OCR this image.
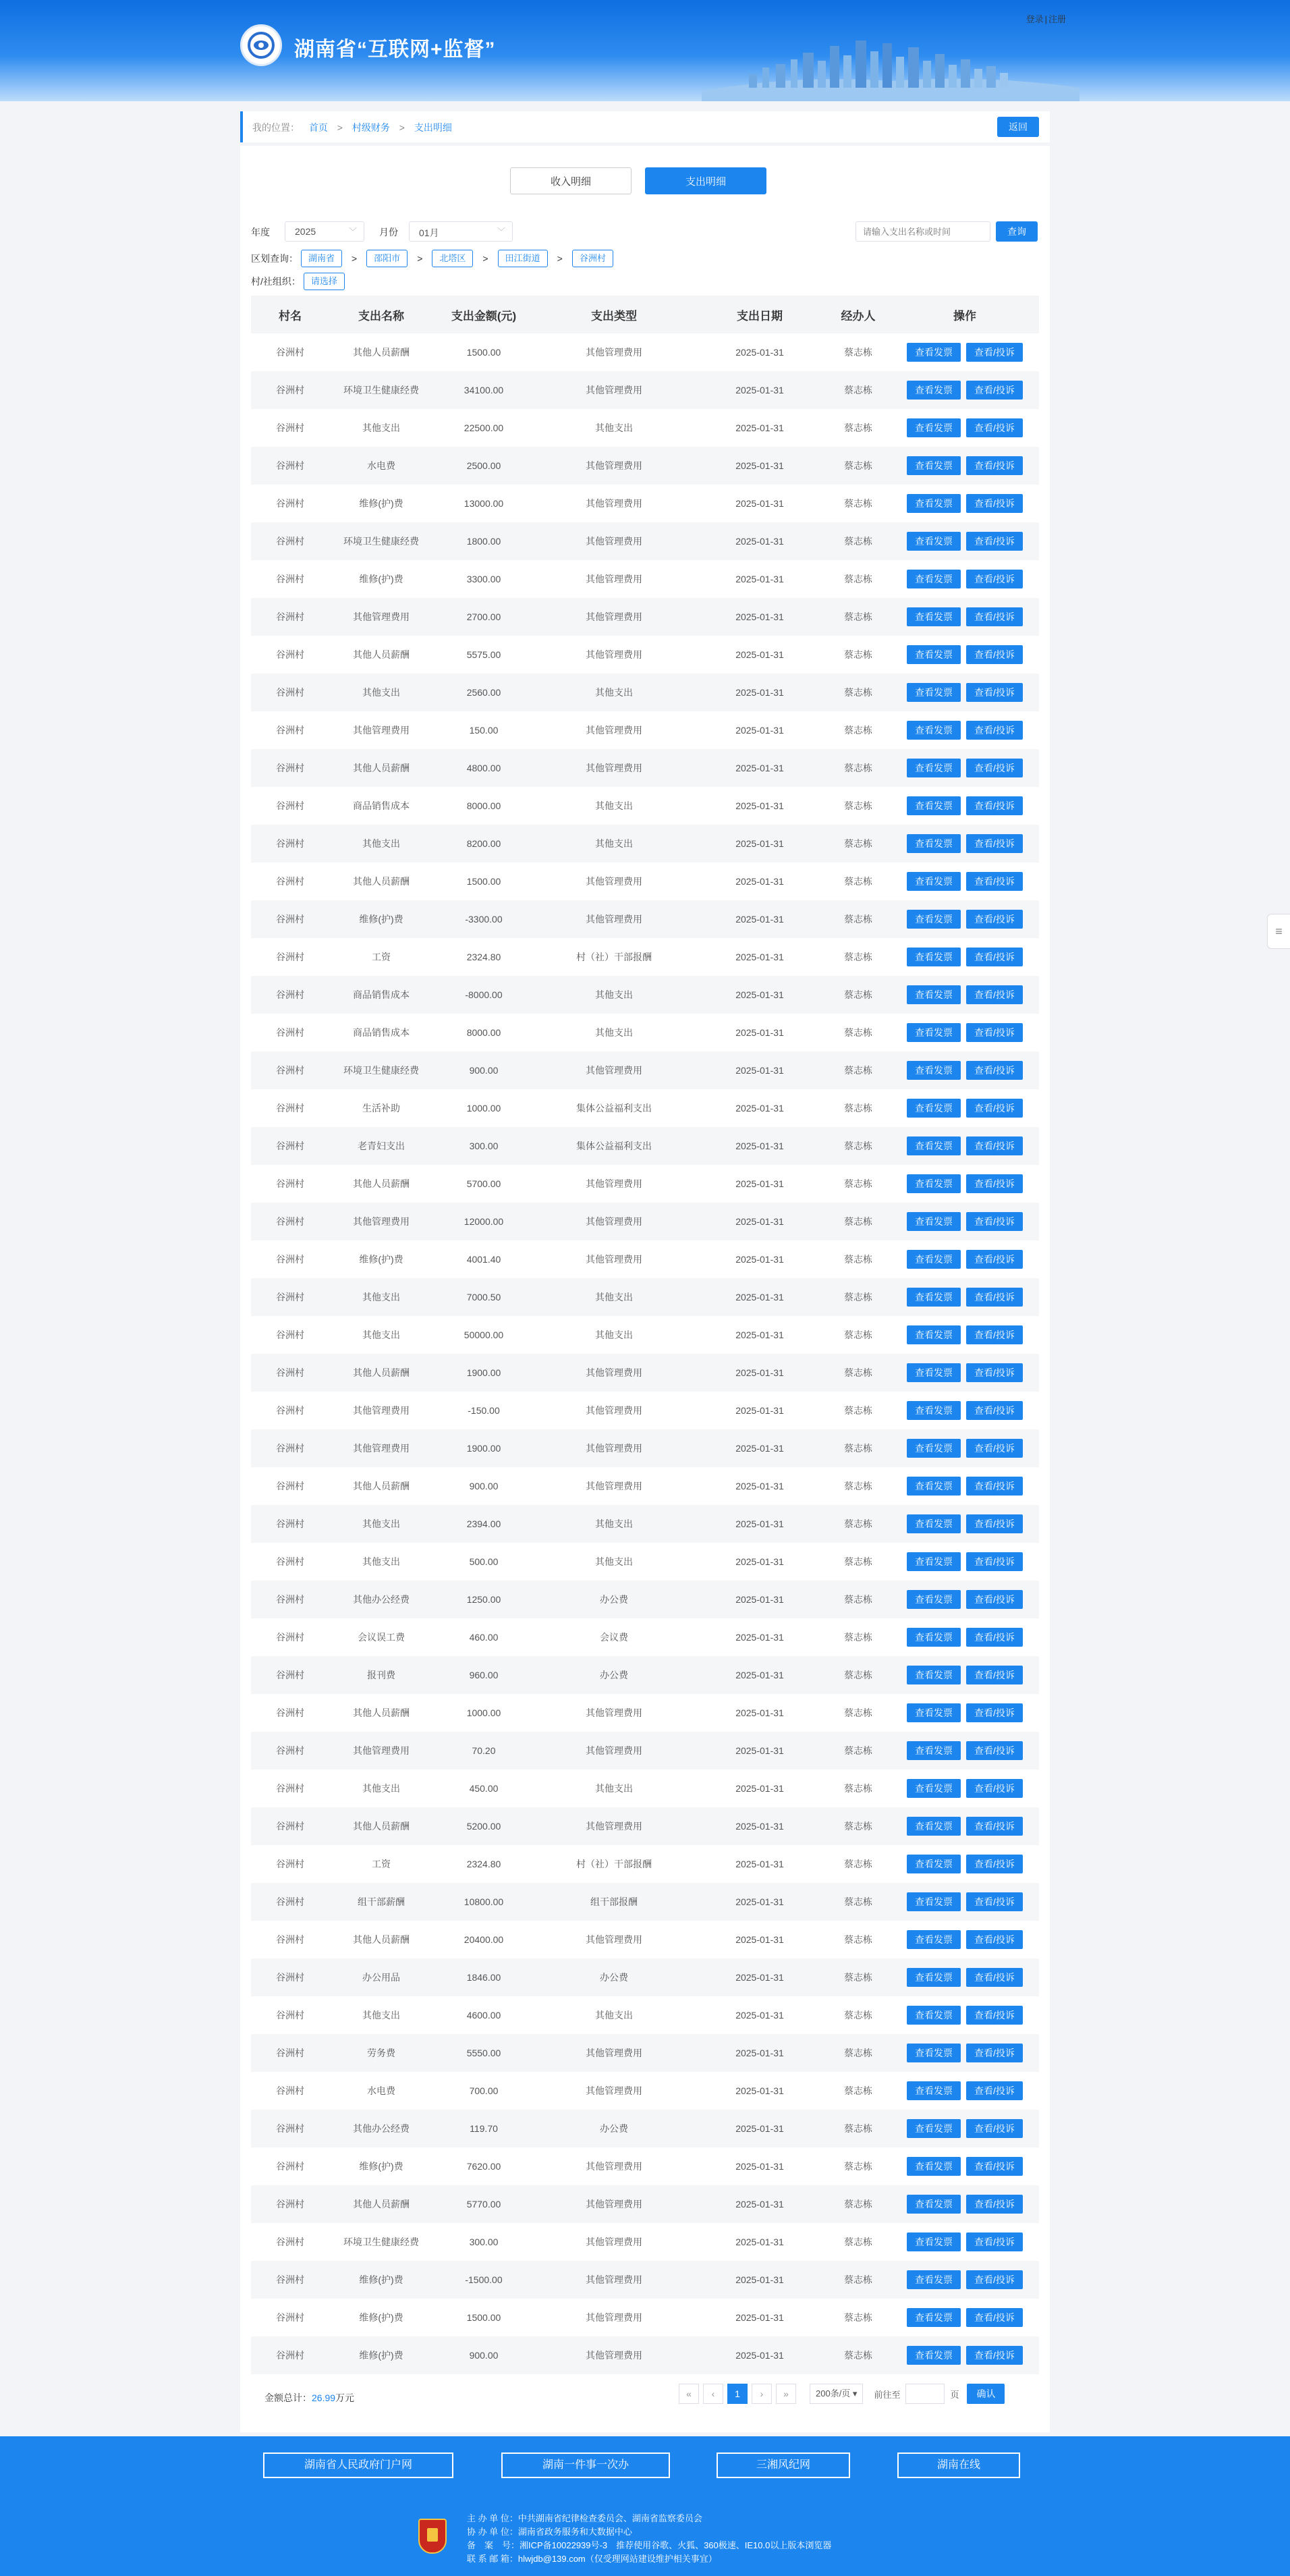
登录 | 注册
湖南省“互联网+监督”
我的位置： 首页 > 村级财务 > 支出明细	返回
收入明细	支出明细
年度	2025	﹀ 月份	01月	﹀
请输入支出名称或时间	查询
区划查询：	湖南省	>	邵阳市	>	北塔区	>	田江街道	>	谷洲村
村/社组织：	请选择
村名	支出名称	支出金额(元)	支出类型	支出日期	经办人	操作
谷洲村	其他人员薪酬	1500.00	其他管理费用	2025-01-31	蔡志栋	查看发票 查看/投诉

谷洲村	环境卫生健康经费	34100.00	其他管理费用	2025-01-31	蔡志栋	查看发票 查看/投诉

谷洲村	其他支出	22500.00	其他支出	2025-01-31	蔡志栋	查看发票 查看/投诉

谷洲村	水电费	2500.00	其他管理费用	2025-01-31	蔡志栋	查看发票 查看/投诉

谷洲村	维修(护)费	13000.00	其他管理费用	2025-01-31	蔡志栋	查看发票 查看/投诉

谷洲村	环境卫生健康经费	1800.00	其他管理费用	2025-01-31	蔡志栋	查看发票 查看/投诉

谷洲村	维修(护)费	3300.00	其他管理费用	2025-01-31	蔡志栋	查看发票 查看/投诉

谷洲村	其他管理费用	2700.00	其他管理费用	2025-01-31	蔡志栋	查看发票 查看/投诉

谷洲村	其他人员薪酬	5575.00	其他管理费用	2025-01-31	蔡志栋	查看发票 查看/投诉

谷洲村	其他支出	2560.00	其他支出	2025-01-31	蔡志栋	查看发票 查看/投诉

谷洲村	其他管理费用	150.00	其他管理费用	2025-01-31	蔡志栋	查看发票 查看/投诉

谷洲村	其他人员薪酬	4800.00	其他管理费用	2025-01-31	蔡志栋	查看发票 查看/投诉

谷洲村	商品销售成本	8000.00	其他支出	2025-01-31	蔡志栋	查看发票 查看/投诉

谷洲村	其他支出	8200.00	其他支出	2025-01-31	蔡志栋	查看发票 查看/投诉

谷洲村	其他人员薪酬	1500.00	其他管理费用	2025-01-31	蔡志栋	查看发票 查看/投诉

谷洲村	维修(护)费	-3300.00	其他管理费用	2025-01-31	蔡志栋	查看发票 查看/投诉

谷洲村	工资	2324.80	村（社）干部报酬	2025-01-31	蔡志栋	查看发票 查看/投诉

谷洲村	商品销售成本	-8000.00	其他支出	2025-01-31	蔡志栋	查看发票 查看/投诉

谷洲村	商品销售成本	8000.00	其他支出	2025-01-31	蔡志栋	查看发票 查看/投诉

谷洲村	环境卫生健康经费	900.00	其他管理费用	2025-01-31	蔡志栋	查看发票 查看/投诉

谷洲村	生活补助	1000.00	集体公益福利支出	2025-01-31	蔡志栋	查看发票 查看/投诉

谷洲村	老青妇支出	300.00	集体公益福利支出	2025-01-31	蔡志栋	查看发票 查看/投诉

谷洲村	其他人员薪酬	5700.00	其他管理费用	2025-01-31	蔡志栋	查看发票 查看/投诉

谷洲村	其他管理费用	12000.00	其他管理费用	2025-01-31	蔡志栋	查看发票 查看/投诉

谷洲村	维修(护)费	4001.40	其他管理费用	2025-01-31	蔡志栋	查看发票 查看/投诉

谷洲村	其他支出	7000.50	其他支出	2025-01-31	蔡志栋	查看发票 查看/投诉

谷洲村	其他支出	50000.00	其他支出	2025-01-31	蔡志栋	查看发票 查看/投诉

谷洲村	其他人员薪酬	1900.00	其他管理费用	2025-01-31	蔡志栋	查看发票 查看/投诉

谷洲村	其他管理费用	-150.00	其他管理费用	2025-01-31	蔡志栋	查看发票 查看/投诉

谷洲村	其他管理费用	1900.00	其他管理费用	2025-01-31	蔡志栋	查看发票 查看/投诉

谷洲村	其他人员薪酬	900.00	其他管理费用	2025-01-31	蔡志栋	查看发票 查看/投诉

谷洲村	其他支出	2394.00	其他支出	2025-01-31	蔡志栋	查看发票 查看/投诉

谷洲村	其他支出	500.00	其他支出	2025-01-31	蔡志栋	查看发票 查看/投诉

谷洲村	其他办公经费	1250.00	办公费	2025-01-31	蔡志栋	查看发票 查看/投诉

谷洲村	会议误工费	460.00	会议费	2025-01-31	蔡志栋	查看发票 查看/投诉

谷洲村	报刊费	960.00	办公费	2025-01-31	蔡志栋	查看发票 查看/投诉

谷洲村	其他人员薪酬	1000.00	其他管理费用	2025-01-31	蔡志栋	查看发票 查看/投诉

谷洲村	其他管理费用	70.20	其他管理费用	2025-01-31	蔡志栋	查看发票 查看/投诉

谷洲村	其他支出	450.00	其他支出	2025-01-31	蔡志栋	查看发票 查看/投诉

谷洲村	其他人员薪酬	5200.00	其他管理费用	2025-01-31	蔡志栋	查看发票 查看/投诉

谷洲村	工资	2324.80	村（社）干部报酬	2025-01-31	蔡志栋	查看发票 查看/投诉

谷洲村	组干部薪酬	10800.00	组干部报酬	2025-01-31	蔡志栋	查看发票 查看/投诉

谷洲村	其他人员薪酬	20400.00	其他管理费用	2025-01-31	蔡志栋	查看发票 查看/投诉

谷洲村	办公用品	1846.00	办公费	2025-01-31	蔡志栋	查看发票 查看/投诉

谷洲村	其他支出	4600.00	其他支出	2025-01-31	蔡志栋	查看发票 查看/投诉

谷洲村	劳务费	5550.00	其他管理费用	2025-01-31	蔡志栋	查看发票 查看/投诉

谷洲村	水电费	700.00	其他管理费用	2025-01-31	蔡志栋	查看发票 查看/投诉

谷洲村	其他办公经费	119.70	办公费	2025-01-31	蔡志栋	查看发票 查看/投诉

谷洲村	维修(护)费	7620.00	其他管理费用	2025-01-31	蔡志栋	查看发票 查看/投诉

谷洲村	其他人员薪酬	5770.00	其他管理费用	2025-01-31	蔡志栋	查看发票 查看/投诉

谷洲村	环境卫生健康经费	300.00	其他管理费用	2025-01-31	蔡志栋	查看发票 查看/投诉

谷洲村	维修(护)费	-1500.00	其他管理费用	2025-01-31	蔡志栋	查看发票 查看/投诉

谷洲村	维修(护)费	1500.00	其他管理费用	2025-01-31	蔡志栋	查看发票 查看/投诉

谷洲村	维修(护)费	900.00	其他管理费用	2025-01-31	蔡志栋	查看发票 查看/投诉
金额总计：26.99万元	«	‹	1	›	»	200条/页 ▾	前往至	页	确认
≡
湖南省人民政府门户网	湖南一件事一次办	三湘风纪网	湖南在线
主 办 单 位：中共湖南省纪律检查委员会、湖南省监察委员会
协 办 单 位：湖南省政务服务和大数据中心
备　案　号：湘ICP备10022939号-3　推荐使用谷歌、火狐、360极速、IE10.0以上版本浏览器
联 系 邮 箱：hlwjdb@139.com（仅受理网站建设维护相关事宜）
